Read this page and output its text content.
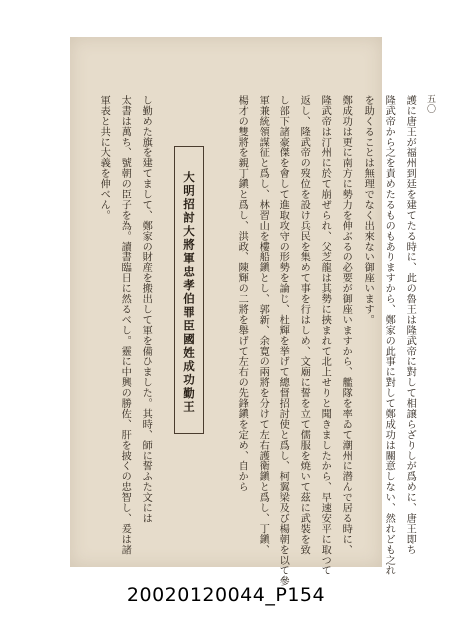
五〇
護に唐王が福州到廷を建てたる時に、此の魯王は隆武帝に對して相譲らざりしが爲めに、唐王即ち
隆武帝から之を責めたるものもありますから、鄭家の此事に對して鄭成功は關意しない、然れども之れ
を助くることは無理でなく出來ない御座います。
鄭成功は更に南方に勢力を伸ぶるの必要が御座いますから、艦隊を率ゐて潮州に潜んで居る時に、
隆武帝は汀州に於て崩ぜられ、父芝龍は其勢に挾まれて北上せりと聞きましたから、早速安平に取つて
返し、隆武帝の歿位を設け兵民を集めて事を行はしめ、文廟に誓を立て儒服を焼いて茲に武裝を致
し部下諸豪傑を會して進取攻守の形勢を論じ、杜輝を挙げて總督招討使と爲し、柯翼梁及び楊朝を以て參
軍兼統領謀征と爲し、林習山を樓船鎭とし、郭新、余寛の兩將を分けて左右護衛鎭と爲し、丁鎭、
楊才の雙將を親丁鎭と爲し、洪政、陳輝の二將を舉げて左右の先鋒鎭を定め、自から
大明招討大將軍忠孝伯罪臣國姓成功勤王
し勤めた旗を建てまして、鄭家の財産を搬出して軍を備ひました。其時、師に誓ふた文には
太書は萬ち、號朝の臣子を為。讀書臨日に然るべし。靈に中興の勝佐、肝を披くの忠智し、爰は諸
軍表と共に大義を伸べん。
20020120044_P154
